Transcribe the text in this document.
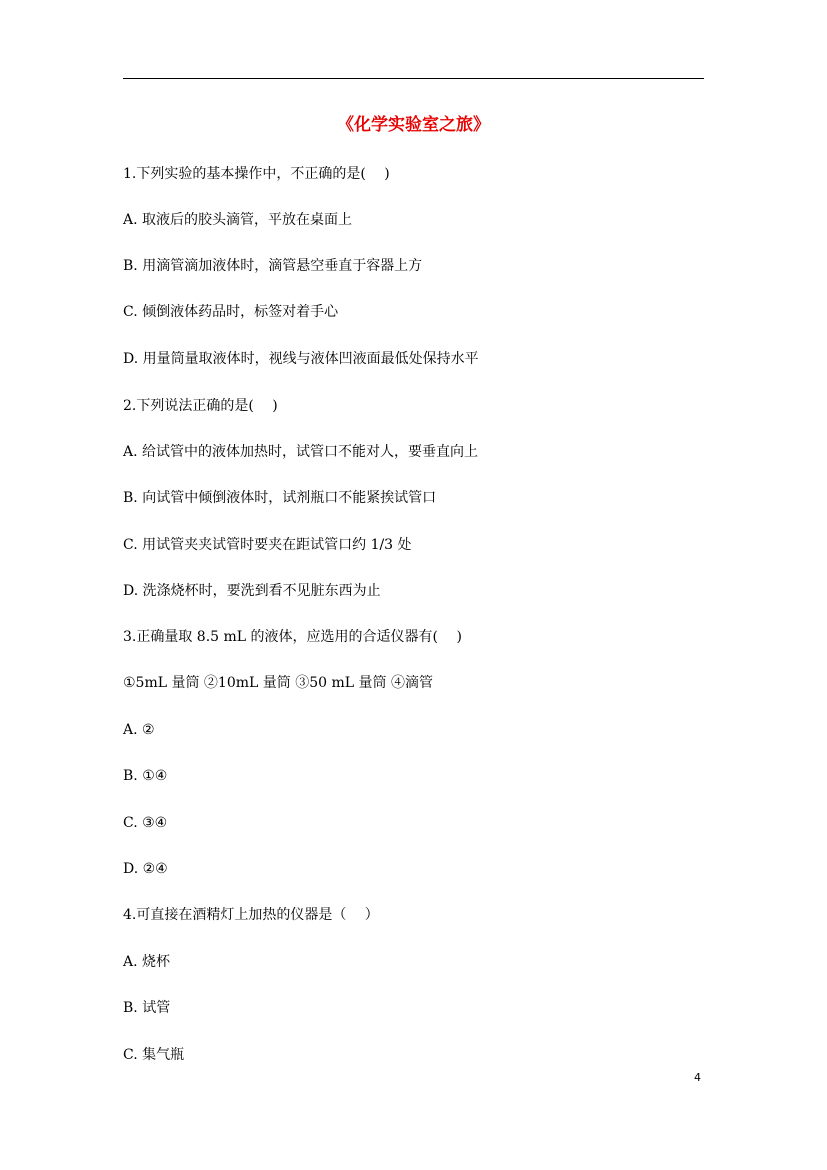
《化学实验室之旅》
1.下列实验的基本操作中，不正确的是(　 )
A. 取液后的胶头滴管，平放在桌面上
B. 用滴管滴加液体时，滴管悬空垂直于容器上方
C. 倾倒液体药品时，标签对着手心
D. 用量筒量取液体时，视线与液体凹液面最低处保持水平
2.下列说法正确的是(　 )
A. 给试管中的液体加热时，试管口不能对人，要垂直向上
B. 向试管中倾倒液体时，试剂瓶口不能紧挨试管口
C. 用试管夹夹试管时要夹在距试管口约 1/3 处
D. 洗涤烧杯时，要洗到看不见脏东西为止
3.正确量取 8.5 mL 的液体，应选用的合适仪器有(　 )
①5mL 量筒 ②10mL 量筒 ③50 mL 量筒 ④滴管
A. ②
B. ①④
C. ③④
D. ②④
4.可直接在酒精灯上加热的仪器是（　 ）
A. 烧杯
B. 试管
C. 集气瓶
4
